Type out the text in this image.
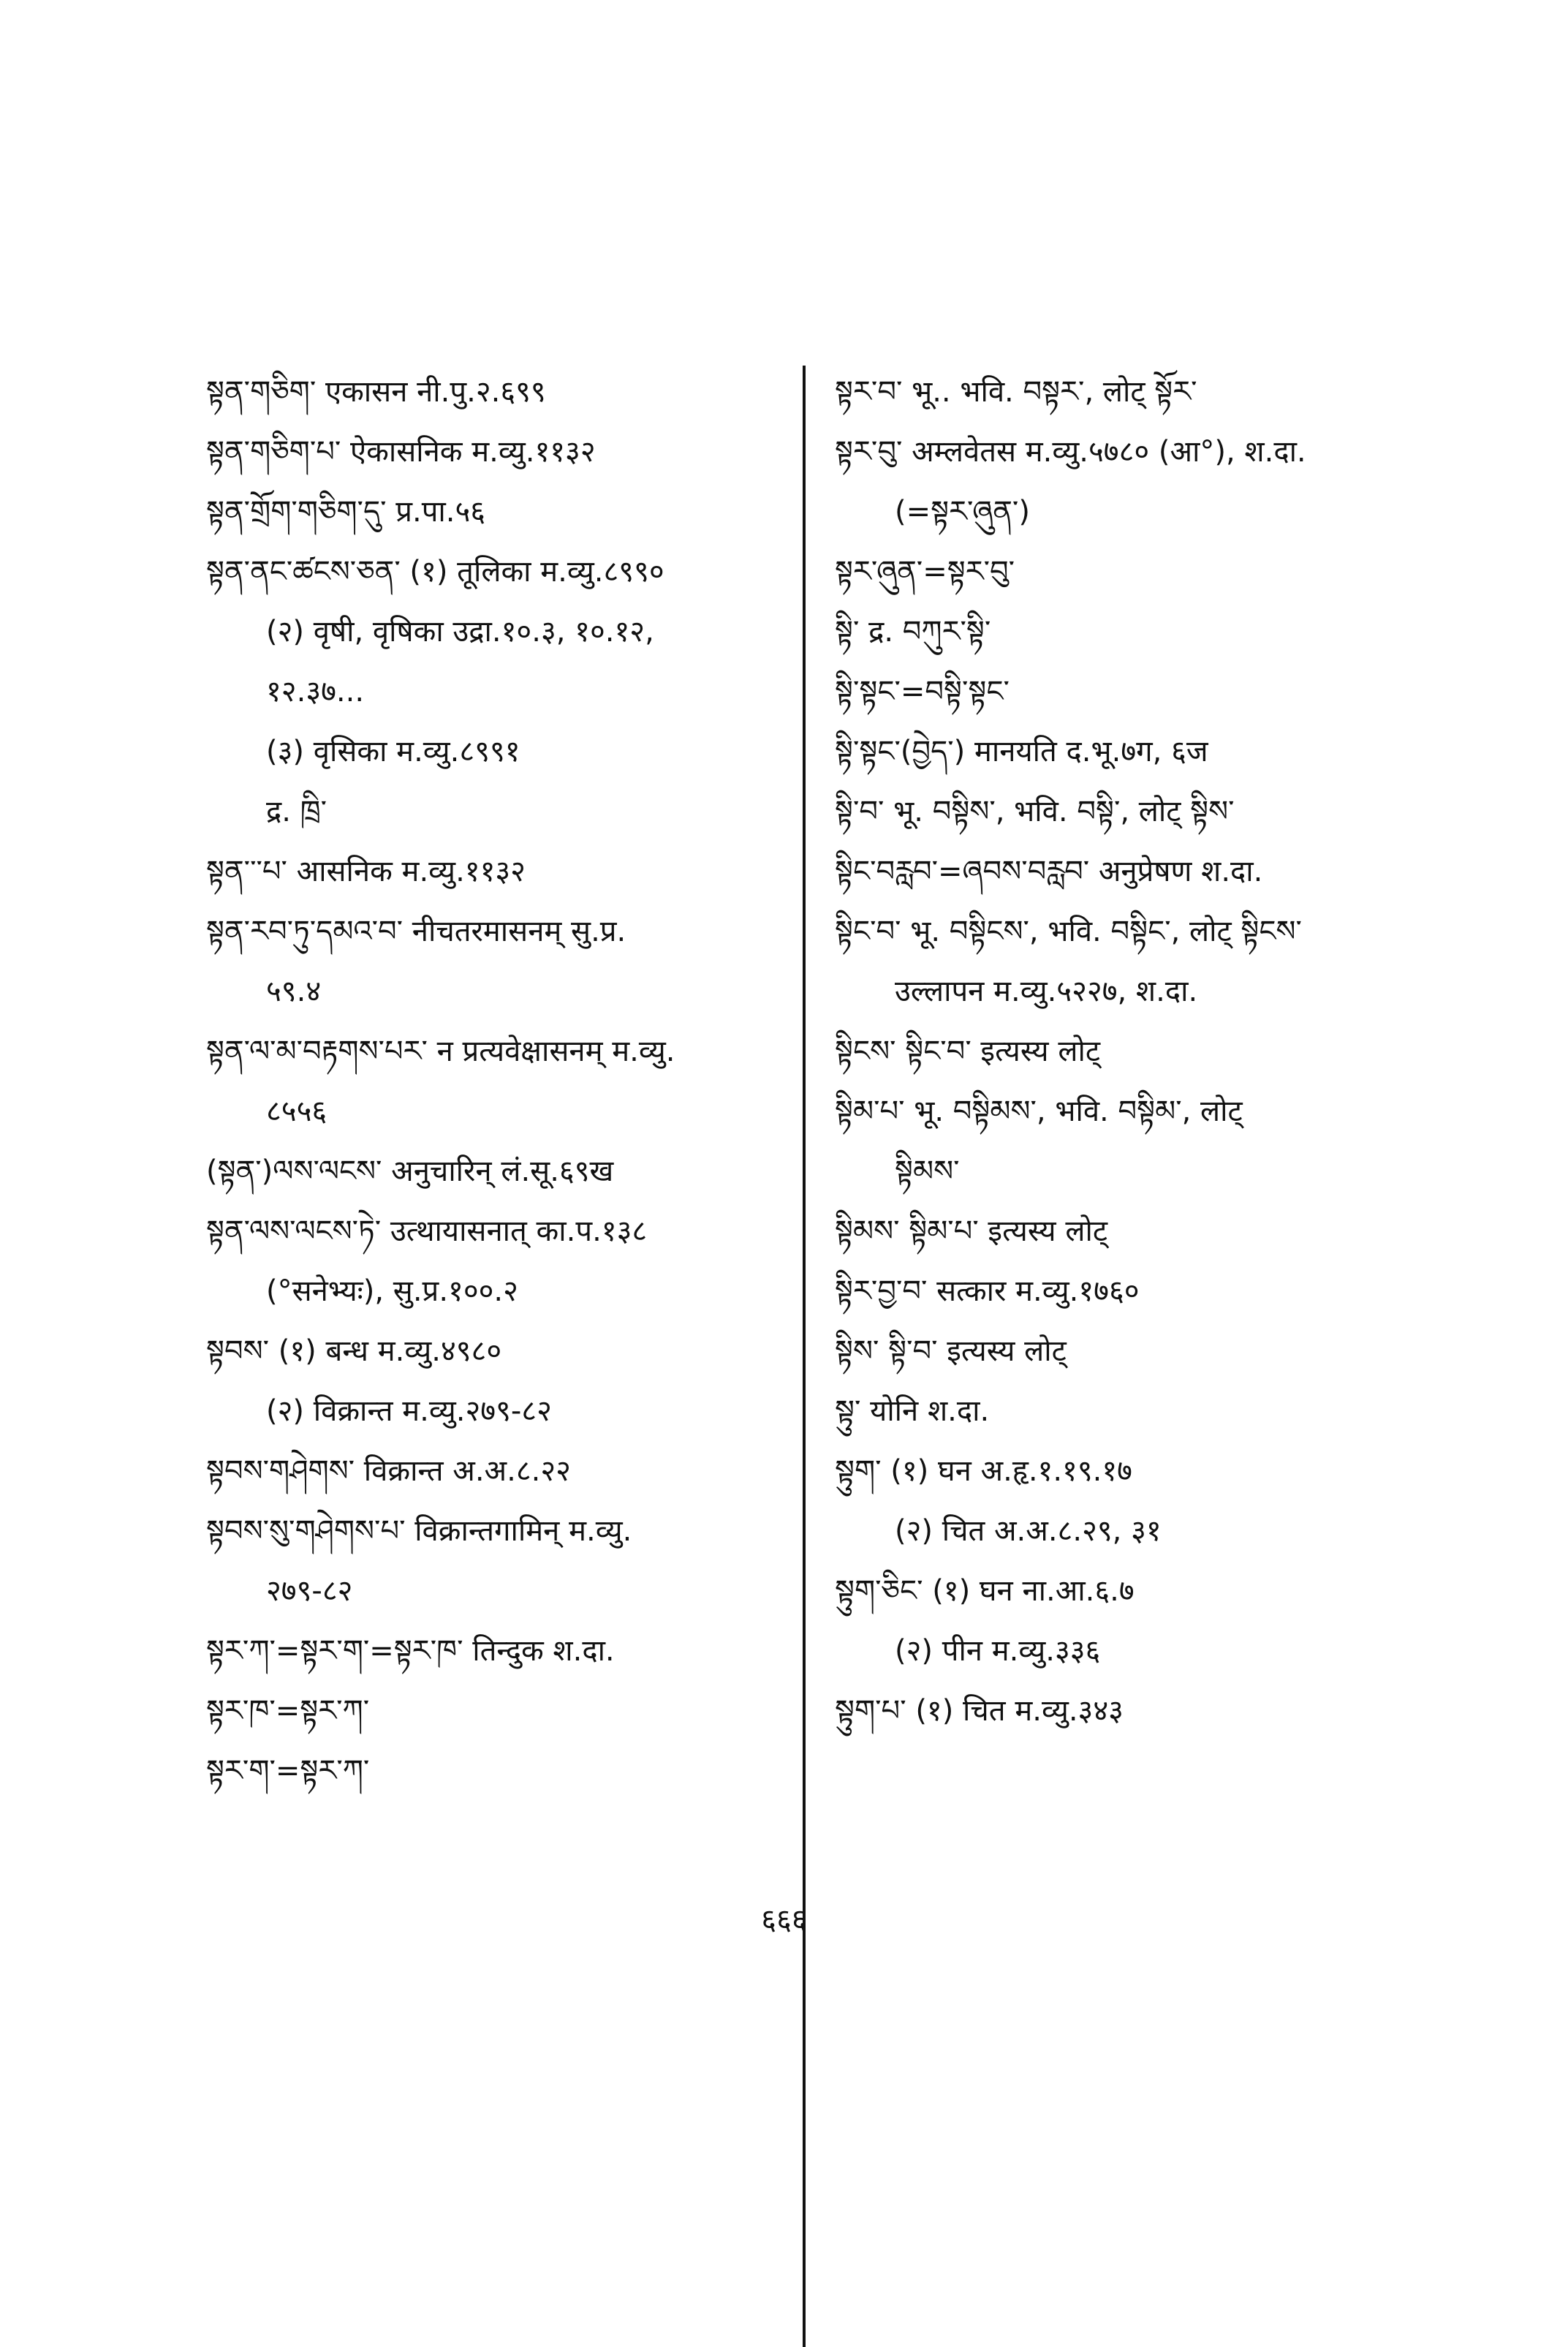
སྟན་གཅིག་ एकासन नी.पु.२.६९९
སྟན་གཅིག་པ་ ऐकासनिक म.व्यु.११३२
སྟན་གྲོག་གཅིག་དུ་ प्र.पा.५६
སྟན་ནང་ཚངས་ཅན་ (१) तूलिका म.व्यु.८९९०
(२) वृषी, वृषिका उद्रा.१०.३, १०.१२,
१२.३७...
(३) वृसिका म.व्यु.८९९१
द्र. ཁྲི་
སྟན་་་པ་ आसनिक म.व्यु.११३२
སྟན་རབ་ཏུ་དམའ་བ་ नीचतरमासनम् सु.प्र.
५९.४
སྟན་ལ་མ་བརྟགས་པར་ न प्रत्यवेक्षासनम् म.व्यु.
८५५६
(སྟན་)ལས་ལངས་ अनुचारिन् लं.सू.६९ख
སྟན་ལས་ལངས་ཏེ་ उत्थायासनात् का.प.१३८
(°सनेभ्यः), सु.प्र.१००.२
སྟབས་ (१) बन्ध म.व्यु.४९८०
(२) विक्रान्त म.व्यु.२७९-८२
སྟབས་གཤེགས་ विक्रान्त अ.अ.८.२२
སྟབས་སུ་གཤེགས་པ་ विक्रान्तगामिन् म.व्यु.
२७९-८२
སྟར་ཀ་=སྟར་ག་=སྟར་ཁ་ तिन्दुक श.दा.
སྟར་ཁ་=སྟར་ཀ་
སྟར་ག་=སྟར་ཀ་
སྟར་བ་ भू.. भवि. བསྟར་, लोट् སྟོར་
སྟར་བུ་ अम्लवेतस म.व्यु.५७८० (आ°), श.दा.
(=སྟར་ཞུན་)
སྟར་ཞུན་=སྟར་བུ་
སྟི་ द्र. བཀུར་སྟི་
སྟི་སྟང་=བསྟི་སྟང་
སྟི་སྟང་(བྱེད་) मानयति द.भू.७ग, ६ज
སྟི་བ་ भू. བསྟིས་, भवि. བསྟི་, लोट् སྟིས་
སྟིང་བརླབ་=ཞབས་བརླབ་ अनुप्रेषण श.दा.
སྟིང་བ་ भू. བསྟིངས་, भवि. བསྟིང་, लोट् སྟིངས་
उल्लापन म.व्यु.५२२७, श.दा.
སྟིངས་ སྟིང་བ་ इत्यस्य लोट्
སྟིམ་པ་ भू. བསྟིམས་, भवि. བསྟིམ་, लोट्
སྟིམས་
སྟིམས་ སྟིམ་པ་ इत्यस्य लोट्
སྟིར་བྱ་བ་ सत्कार म.व्यु.१७६०
སྟིས་ སྟི་བ་ इत्यस्य लोट्
སྟུ་ योनि श.दा.
སྟུག་ (१) घन अ.हृ.१.१९.१७
(२) चित अ.अ.८.२९, ३१
སྟུག་ཅིང་ (१) घन ना.आ.६.७
(२) पीन म.व्यु.३३६
སྟུག་པ་ (१) चित म.व्यु.३४३
६६६
